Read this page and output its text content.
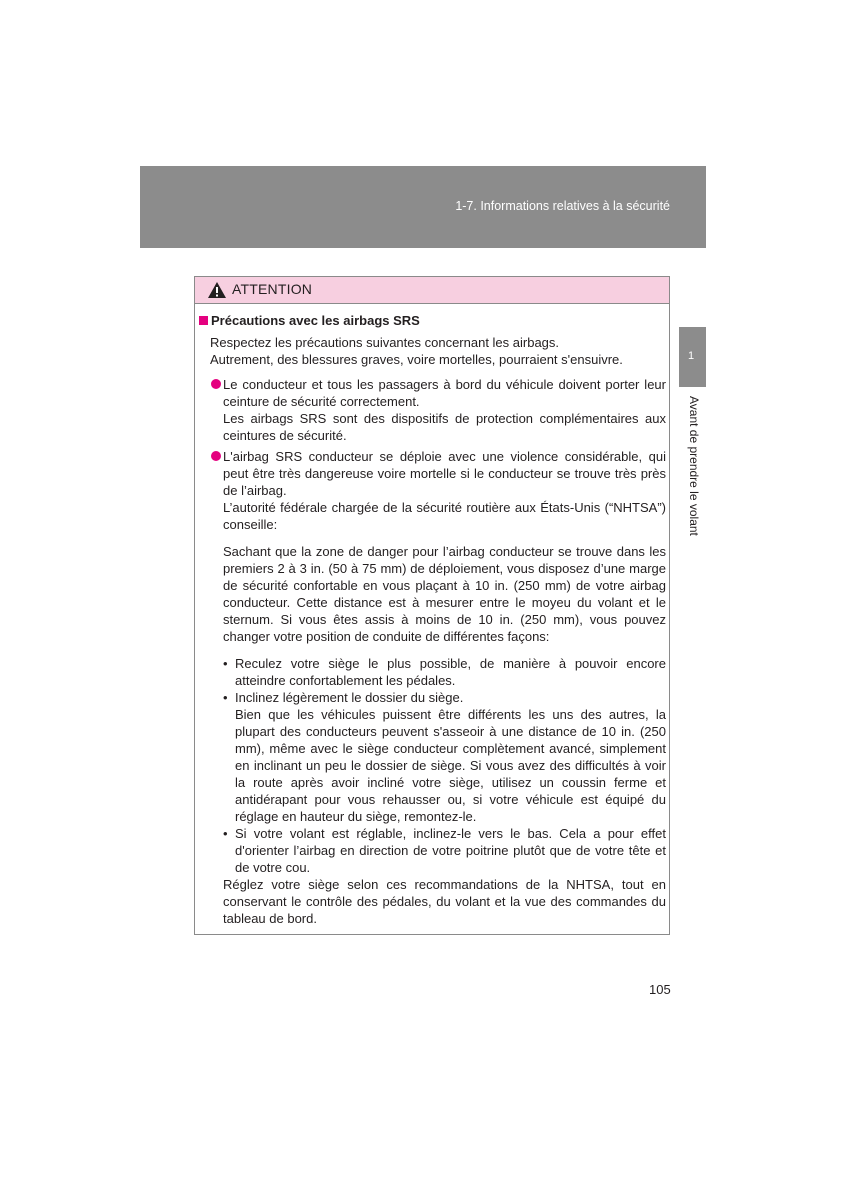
1-7. Informations relatives à la sécurité
1
Avant de prendre le volant
ATTENTION
Précautions avec les airbags SRS

Respectez les précautions suivantes concernant les airbags.

Autrement, des blessures graves, voire mortelles, pourraient s'ensuivre.

Le conducteur et tous les passagers à bord du véhicule doivent porter leur ceinture de sécurité correctement.

Les airbags SRS sont des dispositifs de protection complémentaires aux ceintures de sécurité.

L'airbag SRS conducteur se déploie avec une violence considérable, qui peut être très dangereuse voire mortelle si le conducteur se trouve très près de l’airbag.

L’autorité fédérale chargée de la sécurité routière aux États-Unis (“NHTSA”) conseille:

Sachant que la zone de danger pour l’airbag conducteur se trouve dans les premiers 2 à 3 in. (50 à 75 mm) de déploiement, vous disposez d’une marge de sécurité confortable en vous plaçant à 10 in. (250 mm) de votre airbag conducteur. Cette distance est à mesurer entre le moyeu du volant et le sternum. Si vous êtes assis à moins de 10 in. (250 mm), vous pouvez changer votre position de conduite de différentes façons:

• Reculez votre siège le plus possible, de manière à pouvoir encore atteindre confortablement les pédales.
• Inclinez légèrement le dossier du siège.
Bien que les véhicules puissent être différents les uns des autres, la plupart des conducteurs peuvent s'asseoir à une distance de 10 in. (250 mm), même avec le siège conducteur complètement avancé, simplement en inclinant un peu le dossier de siège. Si vous avez des difficultés à voir la route après avoir incliné votre siège, utilisez un coussin ferme et antidérapant pour vous rehausser ou, si votre véhicule est équipé du réglage en hauteur du siège, remontez-le.
• Si votre volant est réglable, inclinez-le vers le bas. Cela a pour effet d'orienter l’airbag en direction de votre poitrine plutôt que de votre tête et de votre cou.

Réglez votre siège selon ces recommandations de la NHTSA, tout en conservant le contrôle des pédales, du volant et la vue des commandes du tableau de bord.

105
